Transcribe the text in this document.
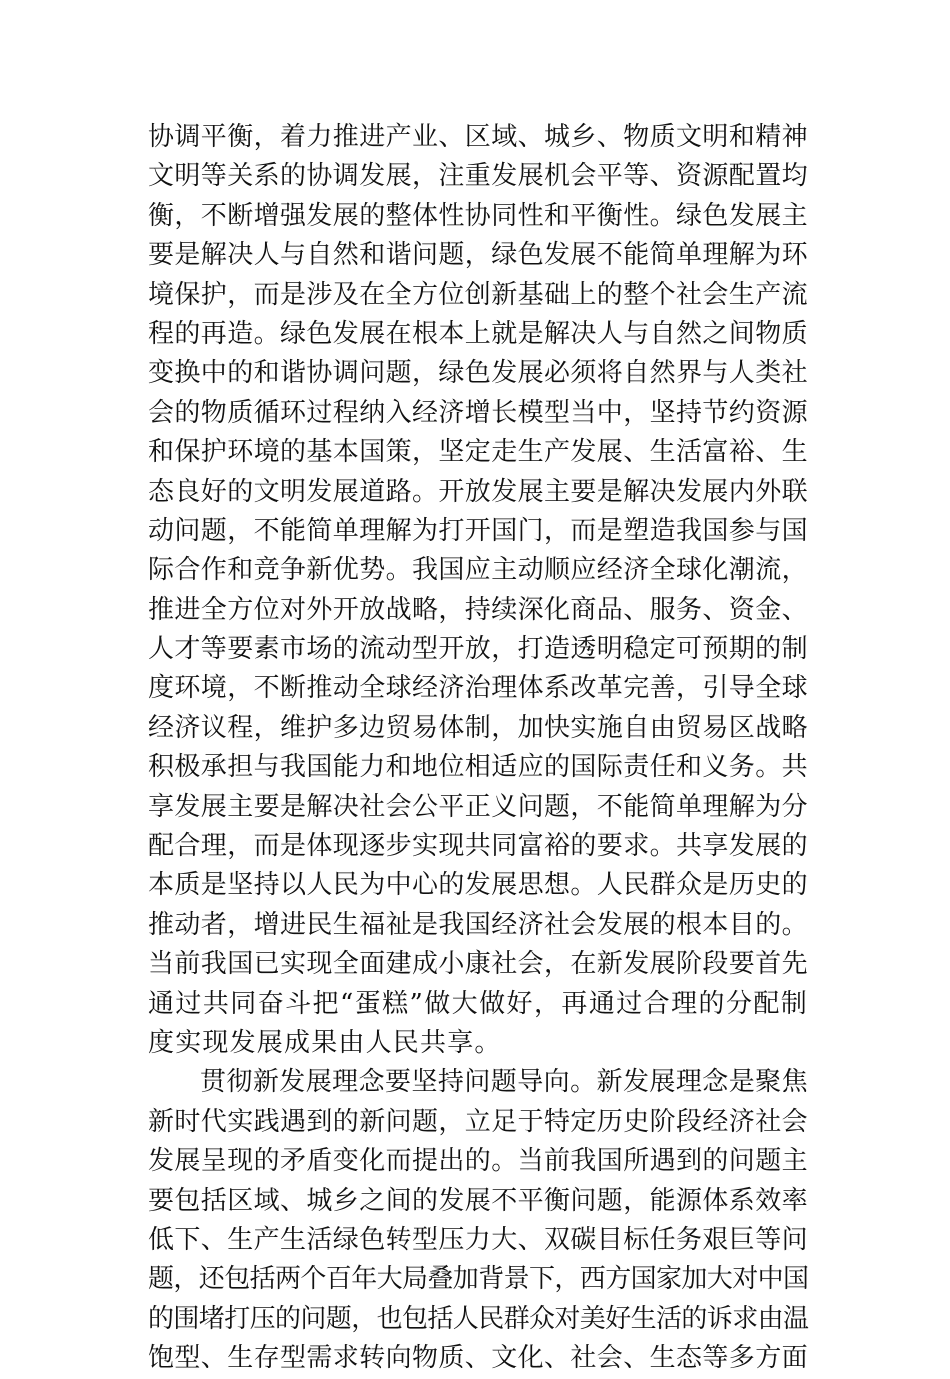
协调平衡，着力推进产业、区域、城乡、物质文明和精神
文明等关系的协调发展，注重发展机会平等、资源配置均
衡，不断增强发展的整体性协同性和平衡性。绿色发展主
要是解决人与自然和谐问题，绿色发展不能简单理解为环
境保护，而是涉及在全方位创新基础上的整个社会生产流
程的再造。绿色发展在根本上就是解决人与自然之间物质
变换中的和谐协调问题，绿色发展必须将自然界与人类社
会的物质循环过程纳入经济增长模型当中，坚持节约资源
和保护环境的基本国策，坚定走生产发展、生活富裕、生
态良好的文明发展道路。开放发展主要是解决发展内外联
动问题，不能简单理解为打开国门，而是塑造我国参与国
际合作和竞争新优势。我国应主动顺应经济全球化潮流，
推进全方位对外开放战略，持续深化商品、服务、资金、
人才等要素市场的流动型开放，打造透明稳定可预期的制
度环境，不断推动全球经济治理体系改革完善，引导全球
经济议程，维护多边贸易体制，加快实施自由贸易区战略
积极承担与我国能力和地位相适应的国际责任和义务。共
享发展主要是解决社会公平正义问题，不能简单理解为分
配合理，而是体现逐步实现共同富裕的要求。共享发展的
本质是坚持以人民为中心的发展思想。人民群众是历史的
推动者，增进民生福祉是我国经济社会发展的根本目的。
当前我国已实现全面建成小康社会，在新发展阶段要首先
通过共同奋斗把“蛋糕”做大做好，再通过合理的分配制
度实现发展成果由人民共享。
贯彻新发展理念要坚持问题导向。新发展理念是聚焦
新时代实践遇到的新问题，立足于特定历史阶段经济社会
发展呈现的矛盾变化而提出的。当前我国所遇到的问题主
要包括区域、城乡之间的发展不平衡问题，能源体系效率
低下、生产生活绿色转型压力大、双碳目标任务艰巨等问
题，还包括两个百年大局叠加背景下，西方国家加大对中国
的围堵打压的问题，也包括人民群众对美好生活的诉求由温
饱型、生存型需求转向物质、文化、社会、生态等多方面
